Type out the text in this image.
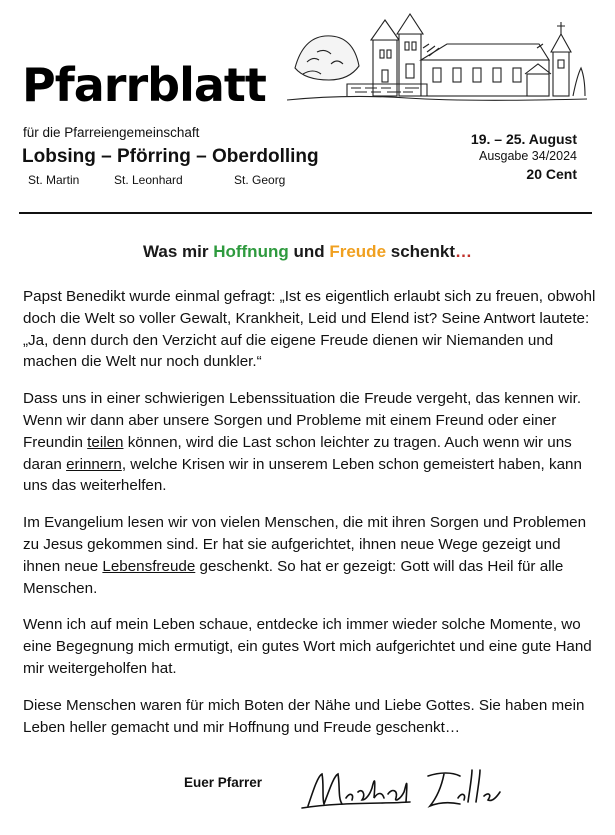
Pfarrblatt
für die Pfarreiengemeinschaft
Lobsing – Pförring – Oberdolling
St. Martin	St. Leonhard	St. Georg
19. – 25. August
Ausgabe 34/2024
20 Cent
Was mir Hoffnung und Freude schenkt…

Papst Benedikt wurde einmal gefragt: „Ist es eigentlich erlaubt sich zu freuen, obwohl doch die Welt so voller Gewalt, Krankheit, Leid und Elend ist? Seine Antwort lautete: „Ja, denn durch den Verzicht auf die eigene Freude dienen wir Niemanden und machen die Welt nur noch dunkler.“

Dass uns in einer schwierigen Lebenssituation die Freude vergeht, das kennen wir. Wenn wir dann aber unsere Sorgen und Probleme mit einem Freund oder einer Freundin teilen können, wird die Last schon leichter zu tragen. Auch wenn wir uns daran erinnern, welche Krisen wir in unserem Leben schon gemeistert haben, kann uns das weiterhelfen.

Im Evangelium lesen wir von vielen Menschen, die mit ihren Sorgen und Problemen zu Jesus gekommen sind. Er hat sie aufgerichtet, ihnen neue Wege gezeigt und ihnen neue Lebensfreude geschenkt. So hat er gezeigt: Gott will das Heil für alle Menschen.

Wenn ich auf mein Leben schaue, entdecke ich immer wieder solche Momente, wo eine Begegnung mich ermutigt, ein gutes Wort mich aufgerichtet und eine gute Hand mir weitergeholfen hat.

Diese Menschen waren für mich Boten der Nähe und Liebe Gottes. Sie haben mein Leben heller gemacht und mir Hoffnung und Freude geschenkt…

Euer Pfarrer
